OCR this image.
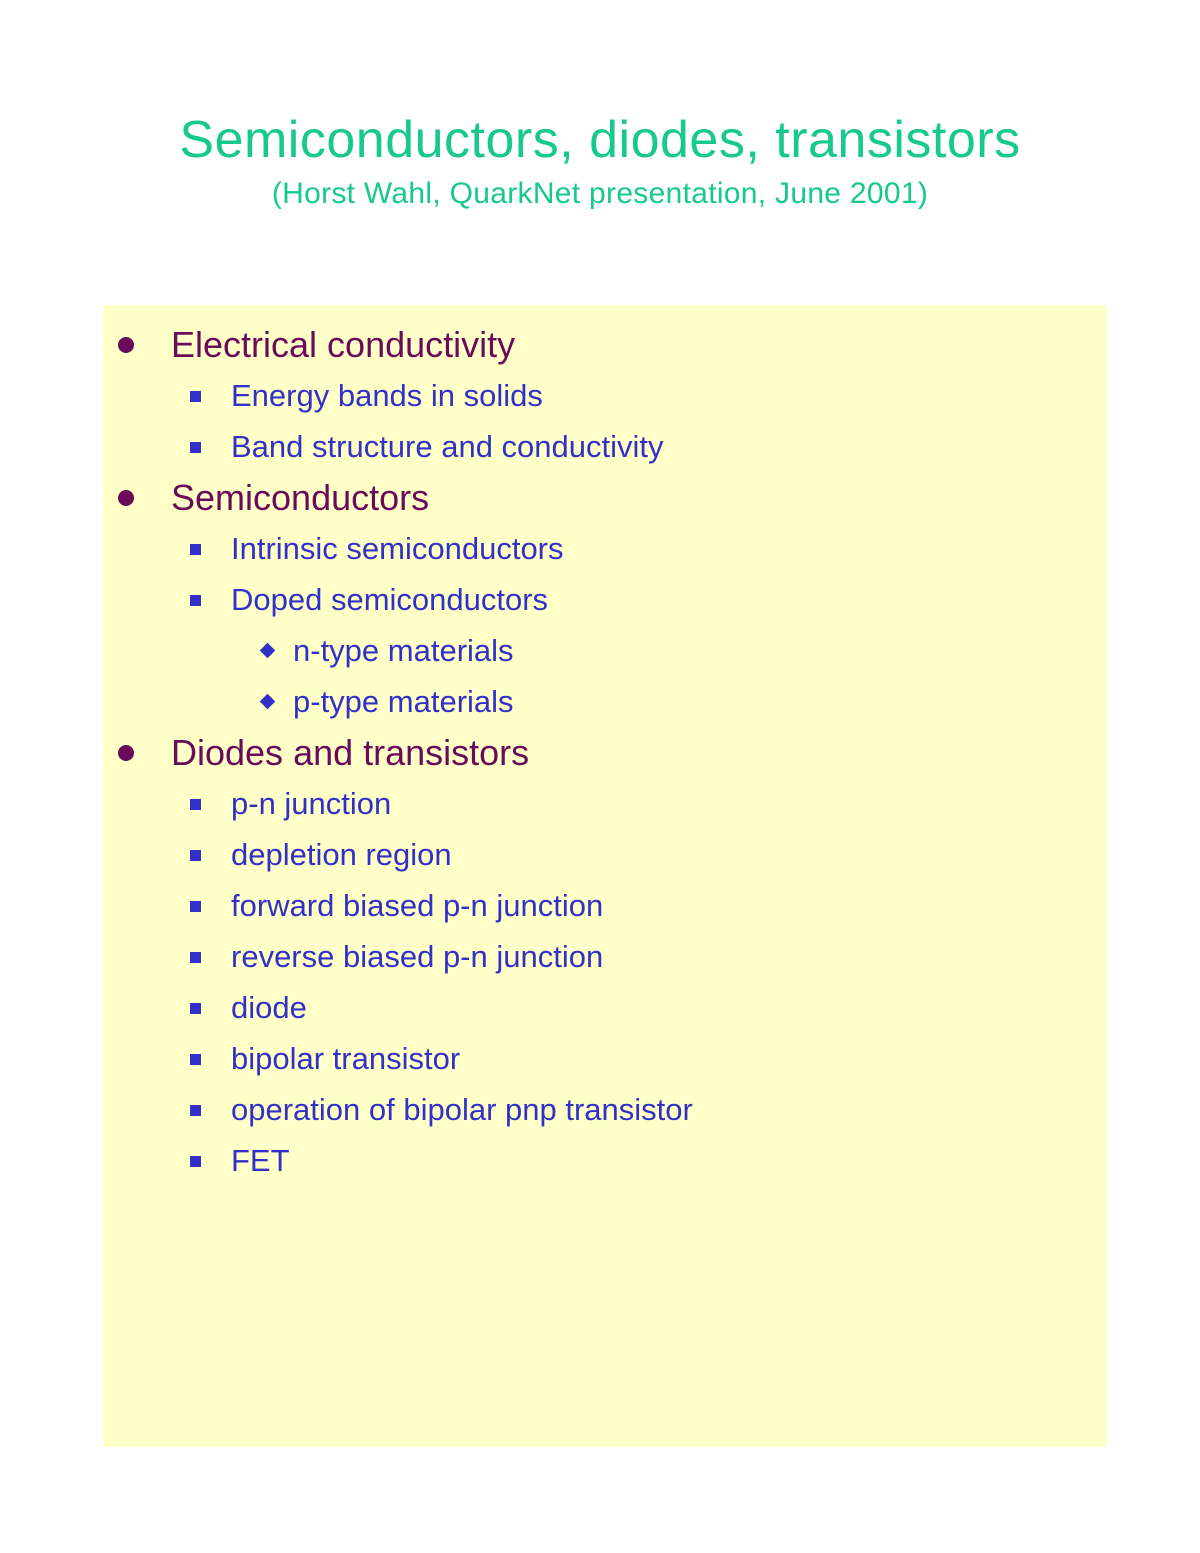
Semiconductors, diodes, transistors
(Horst Wahl, QuarkNet presentation, June 2001)
Electrical conductivity
Energy bands in solids
Band structure and conductivity
Semiconductors
Intrinsic semiconductors
Doped semiconductors
n-type materials
p-type materials
Diodes and transistors
p-n junction
depletion region
forward biased p-n junction
reverse biased p-n junction
diode
bipolar transistor
operation of bipolar pnp transistor
FET
